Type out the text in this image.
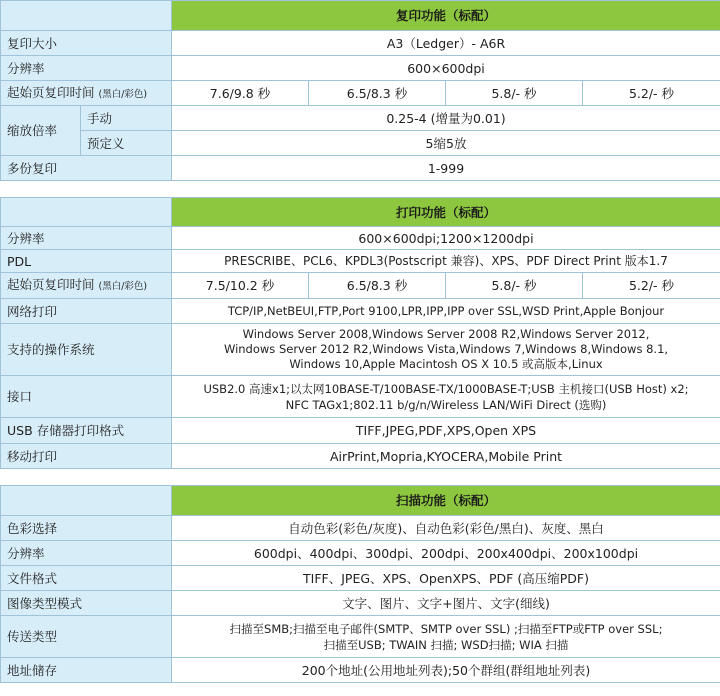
		复印功能（标配）			
复印大小		A3（Ledger）- A6R			
分辨率		600×600dpi			
起始页复印时间 (黑白/彩色)		7.6/9.8 秒	6.5/8.3 秒	5.8/- 秒	5.2/- 秒
缩放倍率	手动	0.25-4 (增量为0.01)			
	预定义	5缩5放			
多份复印		1-999			
	打印功能（标配）			
分辨率	600×600dpi;1200×1200dpi			
PDL	PRESCRIBE、PCL6、KPDL3(Postscript 兼容)、XPS、PDF Direct Print 版本1.7			
起始页复印时间 (黑白/彩色)	7.5/10.2 秒	6.5/8.3 秒	5.8/- 秒	5.2/- 秒
网络打印	TCP/IP,NetBEUI,FTP,Port 9100,LPR,IPP,IPP over SSL,WSD Print,Apple Bonjour			
支持的操作系统	Windows Server 2008,Windows Server 2008 R2,Windows Server 2012,
Windows Server 2012 R2,Windows Vista,Windows 7,Windows 8,Windows 8.1,
Windows 10,Apple Macintosh OS X 10.5 或高版本,Linux			

接口	USB2.0 高速x1;以太网10BASE-T/100BASE-TX/1000BASE-T;USB 主机接口(USB Host) x2;
NFC TAGx1;802.11 b/g/n/Wireless LAN/WiFi Direct (选购)			

USB 存储器打印格式	TIFF,JPEG,PDF,XPS,Open XPS			
移动打印	AirPrint,Mopria,KYOCERA,Mobile Print			
	扫描功能（标配）
色彩选择	自动色彩(彩色/灰度)、自动色彩(彩色/黑白)、灰度、黑白
分辨率	600dpi、400dpi、300dpi、200dpi、200x400dpi、200x100dpi
文件格式	TIFF、JPEG、XPS、OpenXPS、PDF (高压缩PDF)
图像类型模式	文字、图片、文字+图片、文字(细线)
传送类型	扫描至SMB;扫描至电子邮件(SMTP、SMTP over SSL) ;扫描至FTP或FTP over SSL;
扫描至USB; TWAIN 扫描; WSD扫描; WIA 扫描

地址储存	200个地址(公用地址列表);50个群组(群组地址列表)
